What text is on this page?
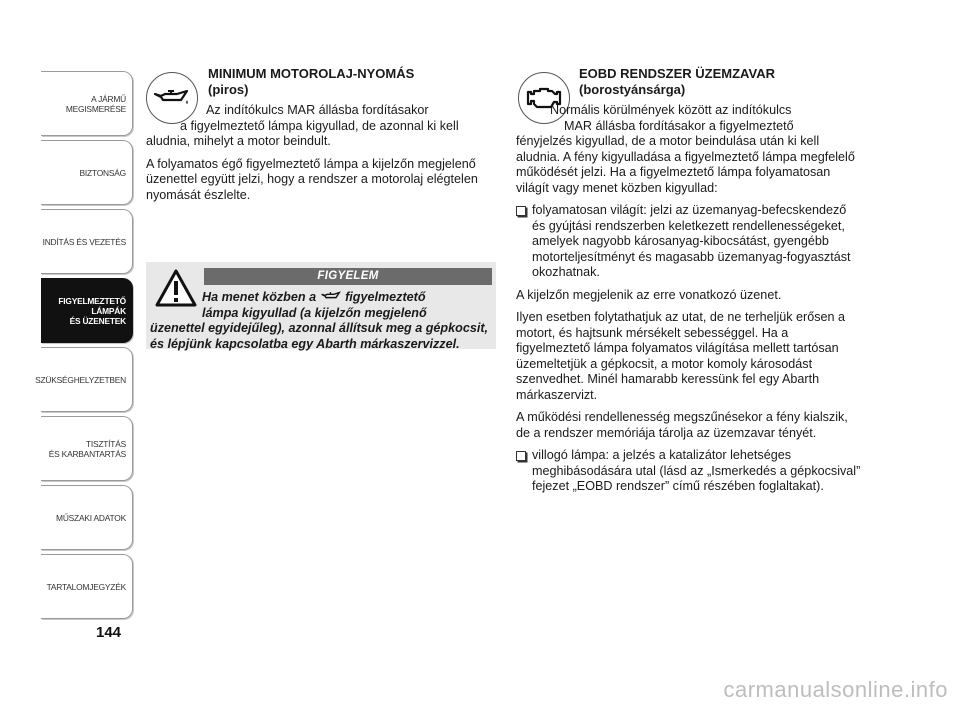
A JÁRMŰ
MEGISMERÉSE
BIZTONSÁG
INDÍTÁS ÉS VEZETÉS
FIGYELMEZTETŐ
LÁMPÁK
ÉS ÜZENETEK
SZÜKSÉGHELYZETBEN
TISZTÍTÁS
ÉS KARBANTARTÁS
MŰSZAKI ADATOK
TARTALOMJEGYZÉK
144
MINIMUM MOTOROLAJ-NYOMÁS
(piros)

Az indítókulcs MAR állásba fordításakor
a figyelmeztető lámpa kigyullad, de azonnal ki kell aludnia, mihelyt a motor beindult.

A folyamatos égő figyelmeztető lámpa a kijelzőn megjelenő üzenettel együtt jelzi, hogy a rendszer a motorolaj elégtelen nyomását észlelte.

FIGYELEM
Ha menet közben a figyelmeztető
lámpa kigyullad (a kijelzőn megjelenő
üzenettel egyidejűleg), azonnal állítsuk meg a gépkocsit, és lépjünk kapcsolatba egy Abarth márkaszervizzel.
EOBD RENDSZER ÜZEMZAVAR
(borostyánsárga)

Normális körülmények között az indítókulcs
MAR állásba fordításakor a figyelmeztető
fényjelzés kigyullad, de a motor beindulása után ki kell aludnia. A fény kigyulladása a figyelmeztető lámpa megfelelő működését jelzi. Ha a figyelmeztető lámpa folyamatosan világít vagy menet közben kigyullad:

folyamatosan világít: jelzi az üzemanyag-befecskendező és gyújtási rendszerben keletkezett rendellenességeket, amelyek nagyobb károsanyag-kibocsátást, gyengébb motorteljesítményt és magasabb üzemanyag-fogyasztást okozhatnak.

A kijelzőn megjelenik az erre vonatkozó üzenet.

Ilyen esetben folytathatjuk az utat, de ne terheljük erősen a motort, és hajtsunk mérsékelt sebességgel. Ha a figyelmeztető lámpa folyamatos világítása mellett tartósan üzemeltetjük a gépkocsit, a motor komoly károsodást szenvedhet. Minél hamarabb keressünk fel egy Abarth márkaszervizt.

A működési rendellenesség megszűnésekor a fény kialszik, de a rendszer memóriája tárolja az üzemzavar tényét.

villogó lámpa: a jelzés a katalizátor lehetséges meghibásodására utal (lásd az „Ismerkedés a gépkocsival” fejezet „EOBD rendszer” című részében foglaltakat).
carmanualsonline.info
